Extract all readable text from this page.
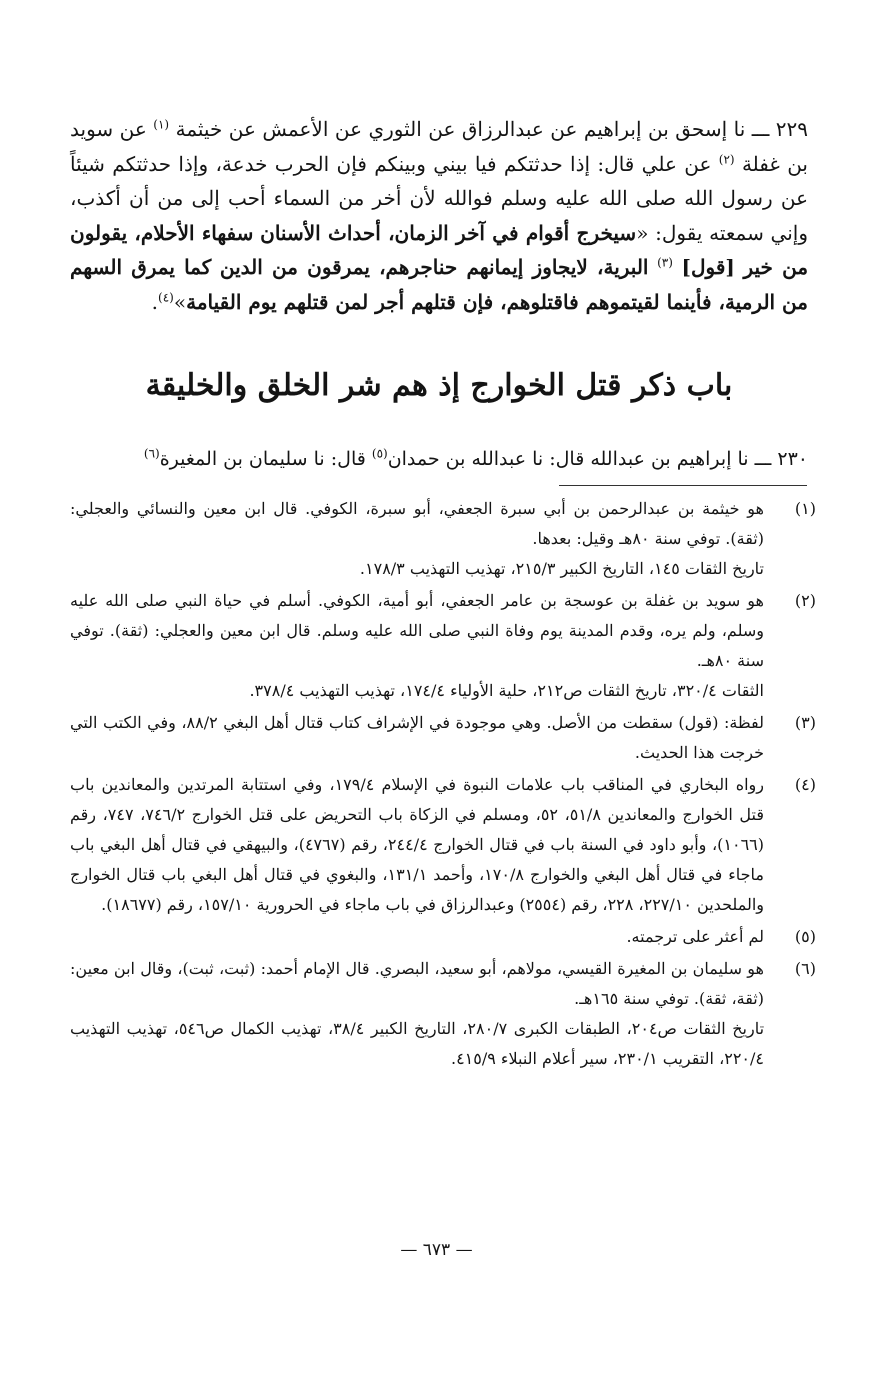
٢٢٩ ـــ نا إسحق بن إبراهيم عن عبدالرزاق عن الثوري عن الأعمش عن خيثمة $^{(١)}$ عن سويد بن غفلة $^{(٢)}$ عن علي قال: إذا حدثتكم فيا بيني وبينكم فإن الحرب خدعة، وإذا حدثتكم شيئاً عن رسول الله صلى الله عليه وسلم فوالله لأن أخر من السماء أحب إلى من أن أكذب، وإني سمعته يقول: «سيخرج أقوام في آخر الزمان، أحداث الأسنان سفهاء الأحلام، يقولون من خير [قول] $^{(٣)}$ البرية، لايجاوز إيمانهم حناجرهم، يمرقون من الدين كما يمرق السهم من الرمية، فأينما لقيتموهم فاقتلوهم، فإن قتلهم أجر لمن قتلهم يوم القيامة»$^{(٤)}$.

باب ذكر قتل الخوارج إذ هم شر الخلق والخليقة
٢٣٠ ـــ نا إبراهيم بن عبدالله قال: نا عبدالله بن حمدان$^{(٥)}$ قال: نا سليمان بن المغيرة$^{(٦)}$
(١)

هو خيثمة بن عبدالرحمن بن أبي سبرة الجعفي، أبو سبرة، الكوفي. قال ابن معين والنسائي والعجلي: (ثقة). توفي سنة ٨٠هـ وقيل: بعدها.

تاريخ الثقات ١٤٥، التاريخ الكبير ٢١٥/٣، تهذيب التهذيب ١٧٨/٣.

(٢)

هو سويد بن غفلة بن عوسجة بن عامر الجعفي، أبو أمية، الكوفي. أسلم في حياة النبي صلى الله عليه وسلم، ولم يره، وقدم المدينة يوم وفاة النبي صلى الله عليه وسلم. قال ابن معين والعجلي: (ثقة). توفي سنة ٨٠هـ.

الثقات ٣٢٠/٤، تاريخ الثقات ص٢١٢، حلية الأولياء ١٧٤/٤، تهذيب التهذيب ٣٧٨/٤.

(٣)

لفظة: (قول) سقطت من الأصل. وهي موجودة في الإشراف كتاب قتال أهل البغي ٨٨/٢، وفي الكتب التي خرجت هذا الحديث.

(٤)

رواه البخاري في المناقب باب علامات النبوة في الإسلام ١٧٩/٤، وفي استتابة المرتدين والمعاندين باب قتل الخوارج والمعاندين ٥١/٨، ٥٢، ومسلم في الزكاة باب التحريض على قتل الخوارج ٧٤٦/٢، ٧٤٧، رقم (١٠٦٦)، وأبو داود في السنة باب في قتال الخوارج ٢٤٤/٤، رقم (٤٧٦٧)، والبيهقي في قتال أهل البغي باب ماجاء في قتال أهل البغي والخوارج ١٧٠/٨، وأحمد ١٣١/١، والبغوي في قتال أهل البغي باب قتال الخوارج والملحدين ٢٢٧/١٠، ٢٢٨، رقم (٢٥٥٤) وعبدالرزاق في باب ماجاء في الحرورية ١٥٧/١٠، رقم (١٨٦٧٧).

(٥)

لم أعثر على ترجمته.

(٦)

هو سليمان بن المغيرة القيسي، مولاهم، أبو سعيد، البصري. قال الإمام أحمد: (ثبت، ثبت)، وقال ابن معين: (ثقة، ثقة). توفي سنة ١٦٥هـ.

تاريخ الثقات ص٢٠٤، الطبقات الكبرى ٢٨٠/٧، التاريخ الكبير ٣٨/٤، تهذيب الكمال ص٥٤٦، تهذيب التهذيب ٢٢٠/٤، التقريب ٢٣٠/١، سير أعلام النبلاء ٤١٥/٩.

— ٦٧٣ —
